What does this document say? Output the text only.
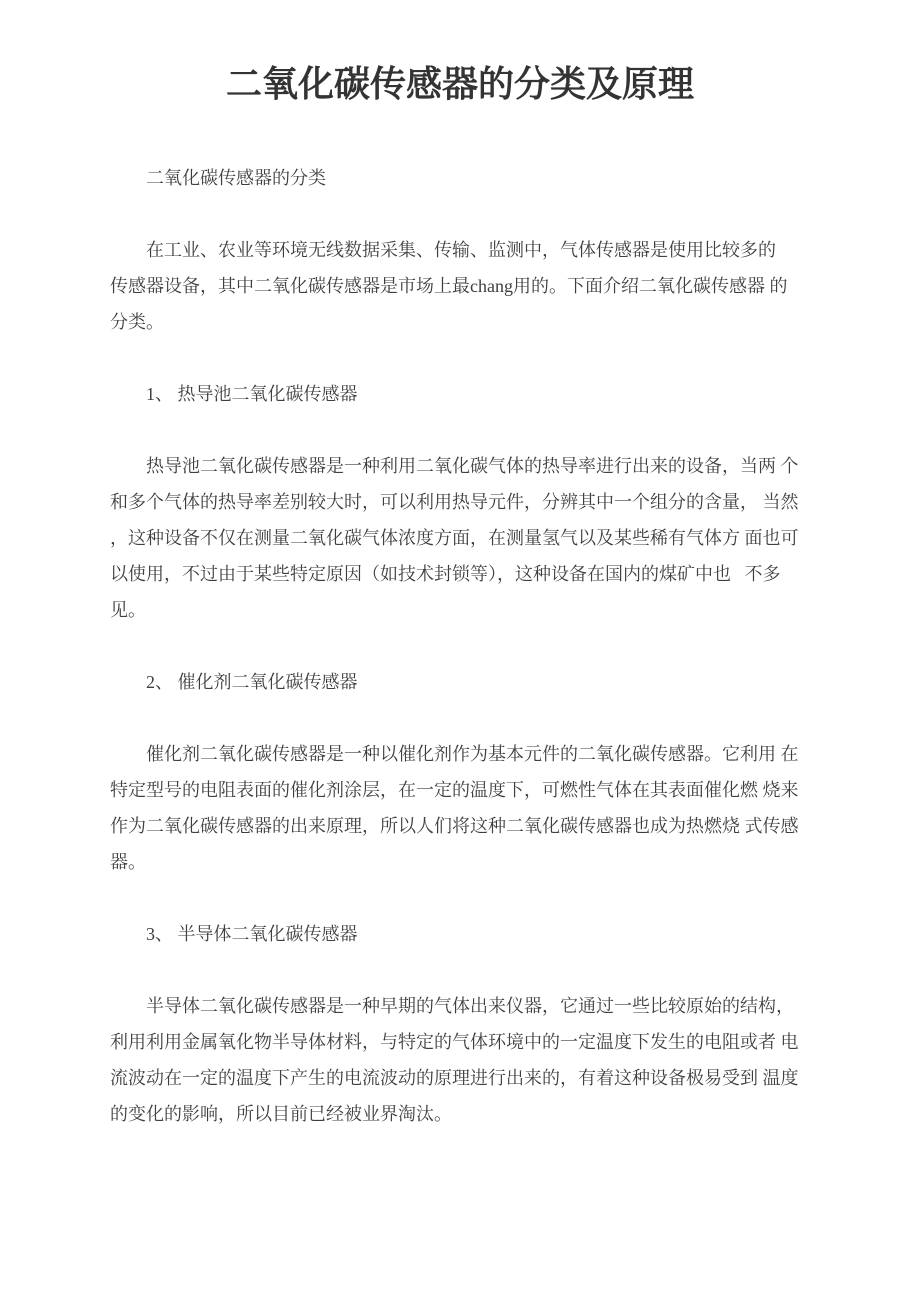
二氧化碳传感器的分类及原理
二氧化碳传感器的分类
在工业、农业等环境无线数据采集、传输、监测中，气体传感器是使用比较多的
传感器设备，其中二氧化碳传感器是市场上最chang用的。下面介绍二氧化碳传感器 的
分类。
1、 热导池二氧化碳传感器
热导池二氧化碳传感器是一种利用二氧化碳气体的热导率进行出来的设备，当两 个
和多个气体的热导率差别较大时，可以利用热导元件，分辨其中一个组分的含量， 当然
，这种设备不仅在测量二氧化碳气体浓度方面，在测量氢气以及某些稀有气体方 面也可
以使用，不过由于某些特定原因（如技术封锁等），这种设备在国内的煤矿中也   不多
见。
2、 催化剂二氧化碳传感器
催化剂二氧化碳传感器是一种以催化剂作为基本元件的二氧化碳传感器。它利用 在
特定型号的电阻表面的催化剂涂层，在一定的温度下，可燃性气体在其表面催化燃 烧来
作为二氧化碳传感器的出来原理，所以人们将这种二氧化碳传感器也成为热燃烧 式传感
器。
3、 半导体二氧化碳传感器
半导体二氧化碳传感器是一种早期的气体出来仪器，它通过一些比较原始的结构，
利用利用金属氧化物半导体材料，与特定的气体环境中的一定温度下发生的电阻或者 电
流波动在一定的温度下产生的电流波动的原理进行出来的，有着这种设备极易受到 温度
的变化的影响，所以目前已经被业界淘汰。
